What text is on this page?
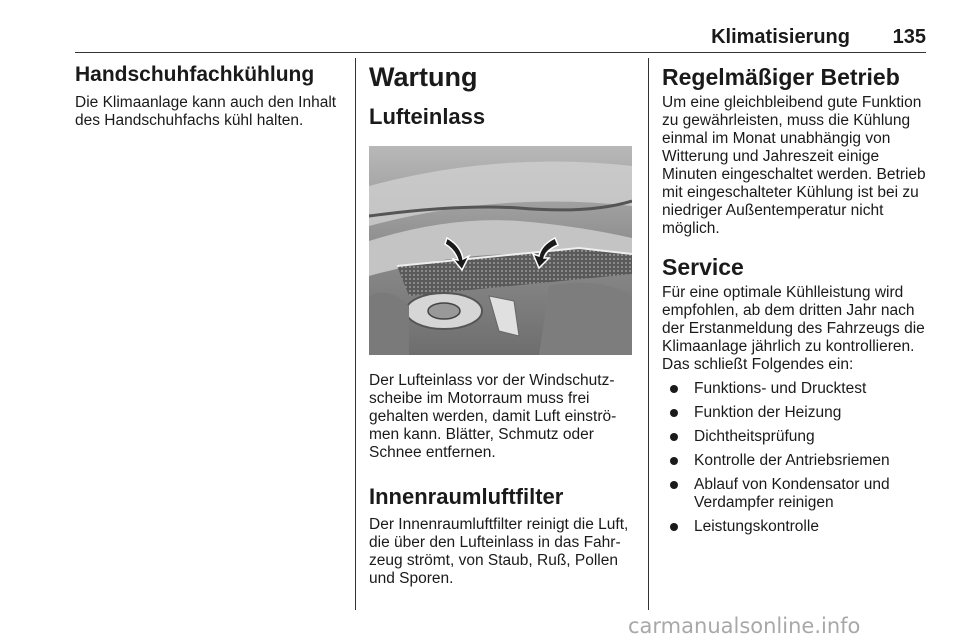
Klimatisierung	135
Handschuhfachkühlung

Die Klimaanlage kann auch den Inhalt des Handschuhfachs kühl halten.

Wartung
Lufteinlass

Der Lufteinlass vor der Windschutzscheibe im Motorraum muss frei gehalten werden, damit Luft einströmen kann. Blätter, Schmutz oder Schnee entfernen.

Innenraumluftfilter

Der Innenraumluftfilter reinigt die Luft, die über den Lufteinlass in das Fahrzeug strömt, von Staub, Ruß, Pollen und Sporen.

Regelmäßiger Betrieb

Um eine gleichbleibend gute Funktion zu gewährleisten, muss die Kühlung einmal im Monat unabhängig von Witterung und Jahreszeit einige Minuten eingeschaltet werden. Betrieb mit eingeschalteter Kühlung ist bei zu niedriger Außentemperatur nicht möglich.

Service

Für eine optimale Kühlleistung wird empfohlen, ab dem dritten Jahr nach der Erstanmeldung des Fahrzeugs die Klimaanlage jährlich zu kontrollieren. Das schließt Folgendes ein:

Funktions- und Drucktest
Funktion der Heizung
Dichtheitsprüfung
Kontrolle der Antriebsriemen
Ablauf von Kondensator und Verdampfer reinigen
Leistungskontrolle
carmanualsonline.info
